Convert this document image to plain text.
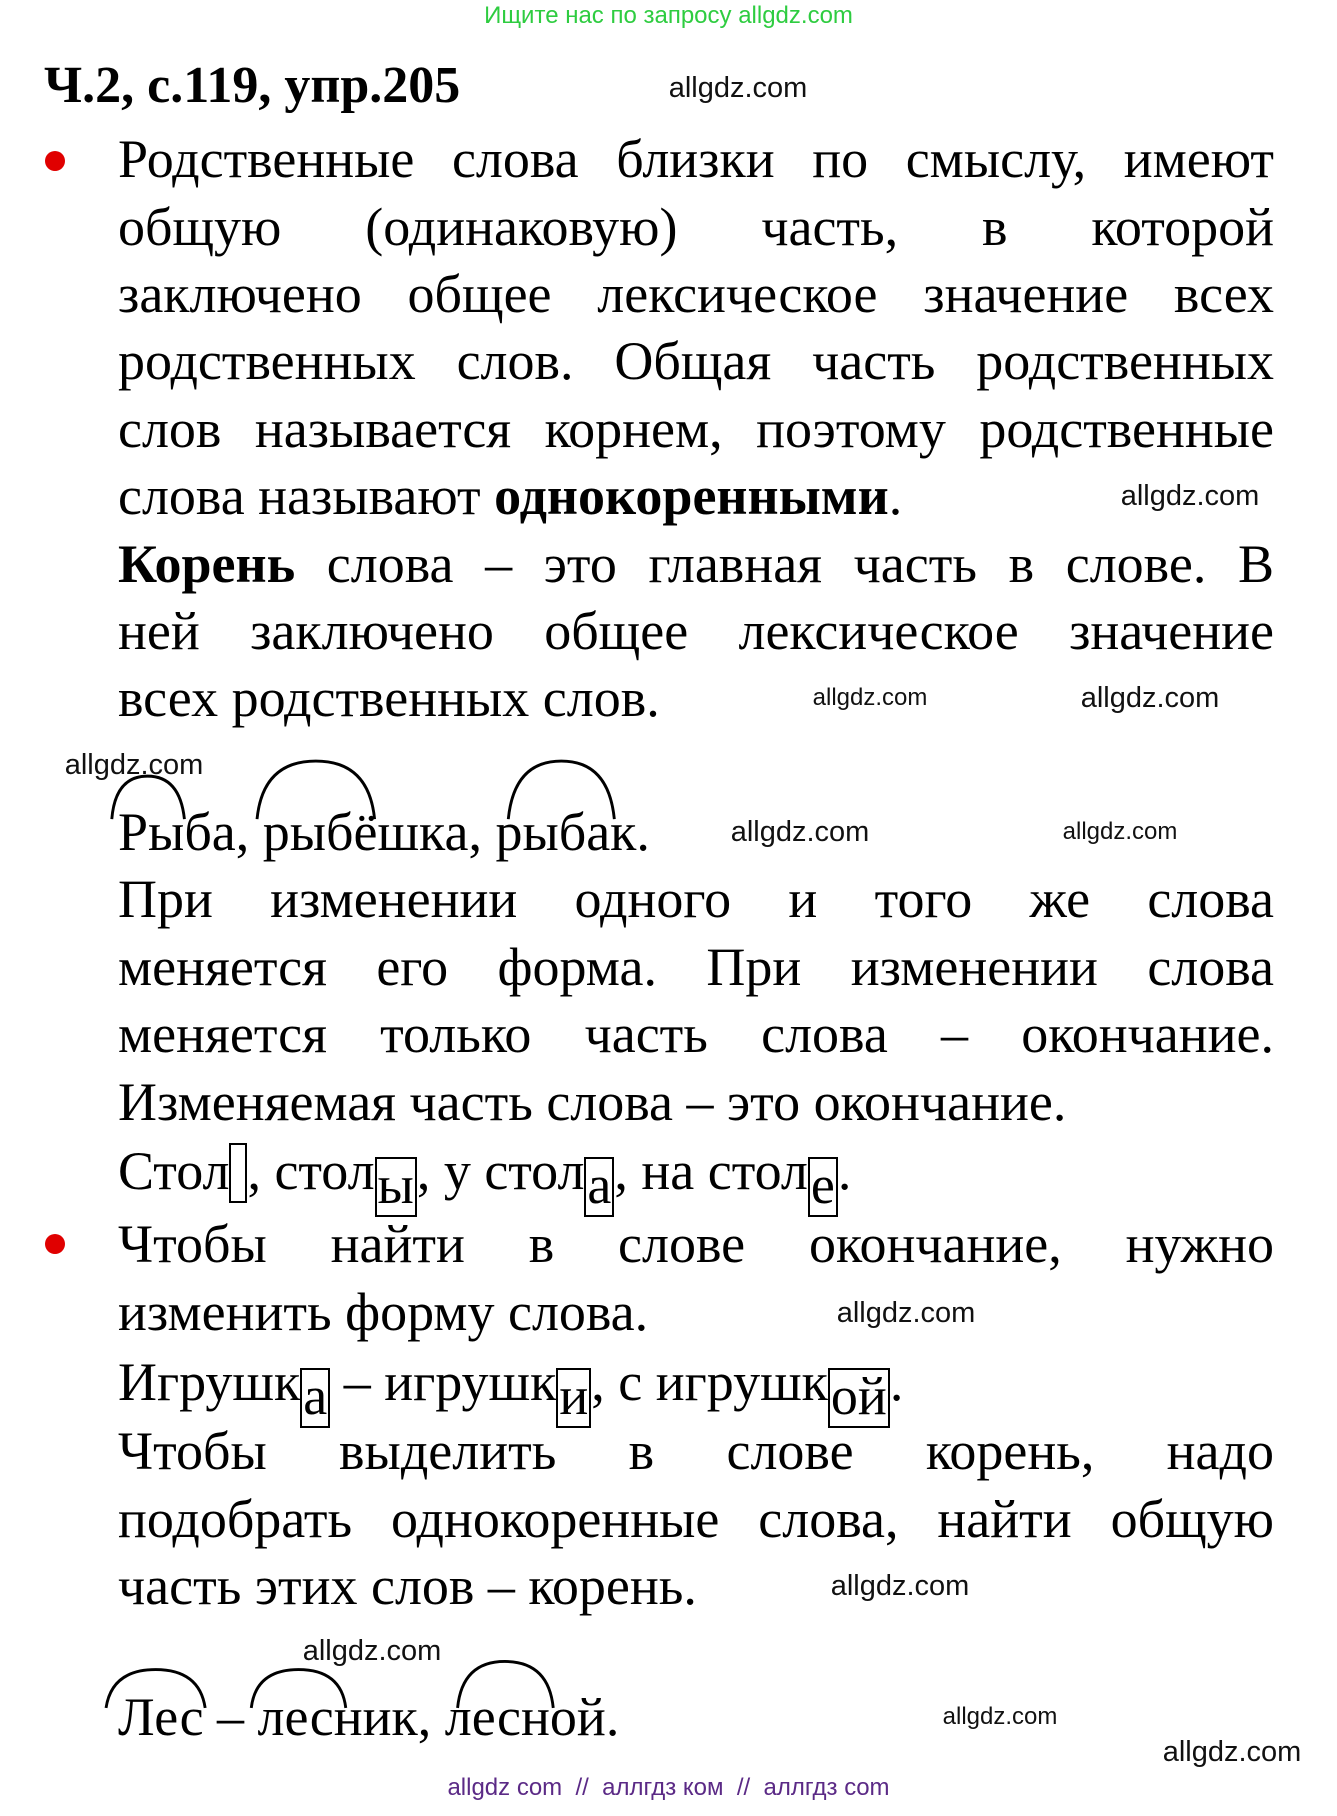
Ищите нас по запросу allgdz.com
Ч.2, с.119, упр.205
Родственные слова близки по смыслу, имеют
общую (одинаковую) часть, в которой
заключено общее лексическое значение всех
родственных слов. Общая часть родственных
слов называется корнем, поэтому родственные
слова называют однокоренными.
Корень слова – это главная часть в слове. В
ней заключено общее лексическое значение
всех родственных слов.
Рыба, рыбёшка, рыбак.
При изменении одного и того же слова
меняется его форма. При изменении слова
меняется только часть слова – окончание.
Изменяемая часть слова – это окончание.
Стол , столы, у стола, на столе.
Чтобы найти в слове окончание, нужно
изменить форму слова.
Игрушка – игрушки, с игрушкой.
Чтобы выделить в слове корень, надо
подобрать однокоренные слова, найти общую
часть этих слов – корень.
Лес – лесник, лесной.
allgdz.com
allgdz.com
allgdz.com
allgdz.com
allgdz.com
allgdz.com	allgdz.com
allgdz.com
allgdz.com
allgdz.com
allgdz.com
allgdz.com
allgdz com  //  аллгдз ком  //  аллгдз com
